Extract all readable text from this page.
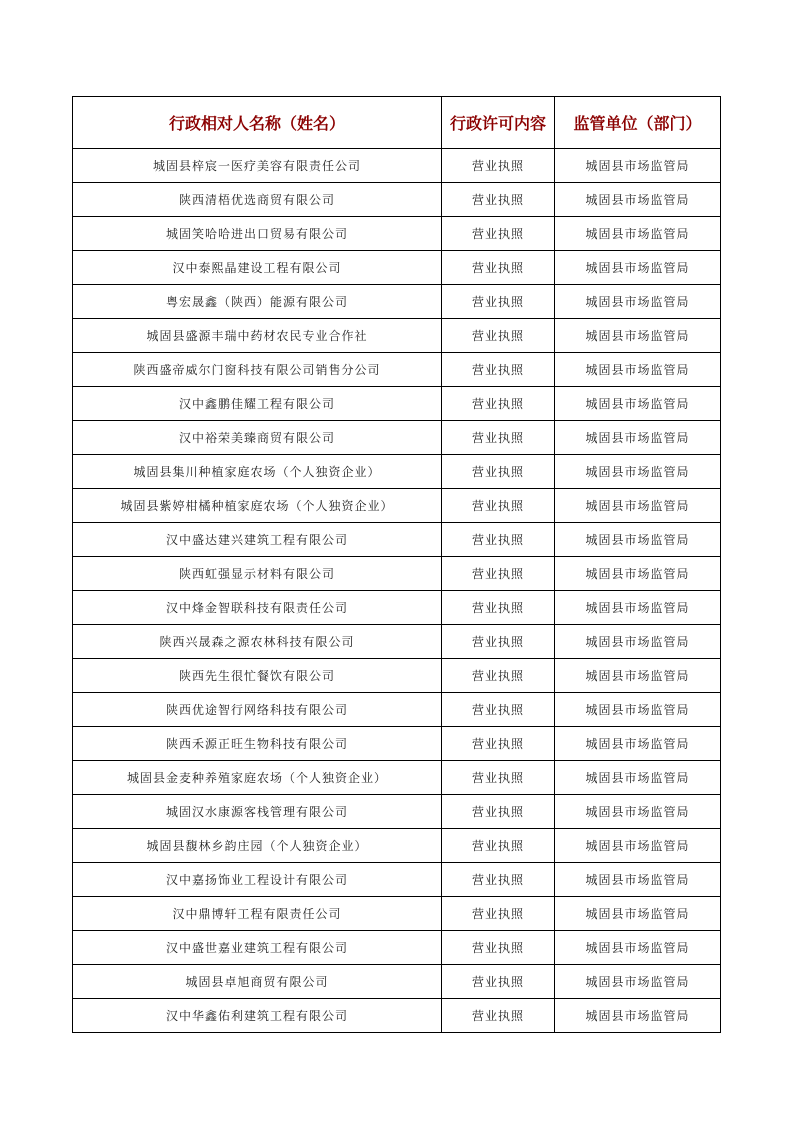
行政相对人名称（姓名）	行政许可内容	监管单位（部门）
城固县梓宸一医疗美容有限责任公司	营业执照	城固县市场监管局
陕西清梧优选商贸有限公司	营业执照	城固县市场监管局
城固笑哈哈进出口贸易有限公司	营业执照	城固县市场监管局
汉中泰熙晶建设工程有限公司	营业执照	城固县市场监管局
粤宏晟鑫（陕西）能源有限公司	营业执照	城固县市场监管局
城固县盛源丰瑞中药材农民专业合作社	营业执照	城固县市场监管局
陕西盛帝威尔门窗科技有限公司销售分公司	营业执照	城固县市场监管局
汉中鑫鹏佳耀工程有限公司	营业执照	城固县市场监管局
汉中裕荣美臻商贸有限公司	营业执照	城固县市场监管局
城固县集川种植家庭农场（个人独资企业）	营业执照	城固县市场监管局
城固县紫婷柑橘种植家庭农场（个人独资企业）	营业执照	城固县市场监管局
汉中盛达建兴建筑工程有限公司	营业执照	城固县市场监管局
陕西虹强显示材料有限公司	营业执照	城固县市场监管局
汉中烽金智联科技有限责任公司	营业执照	城固县市场监管局
陕西兴晟森之源农林科技有限公司	营业执照	城固县市场监管局
陕西先生很忙餐饮有限公司	营业执照	城固县市场监管局
陕西优途智行网络科技有限公司	营业执照	城固县市场监管局
陕西禾源正旺生物科技有限公司	营业执照	城固县市场监管局
城固县金麦种养殖家庭农场（个人独资企业）	营业执照	城固县市场监管局
城固汉水康源客栈管理有限公司	营业执照	城固县市场监管局
城固县馥林乡韵庄园（个人独资企业）	营业执照	城固县市场监管局
汉中嘉扬饰业工程设计有限公司	营业执照	城固县市场监管局
汉中鼎博轩工程有限责任公司	营业执照	城固县市场监管局
汉中盛世嘉业建筑工程有限公司	营业执照	城固县市场监管局
城固县卓旭商贸有限公司	营业执照	城固县市场监管局
汉中华鑫佑利建筑工程有限公司	营业执照	城固县市场监管局
